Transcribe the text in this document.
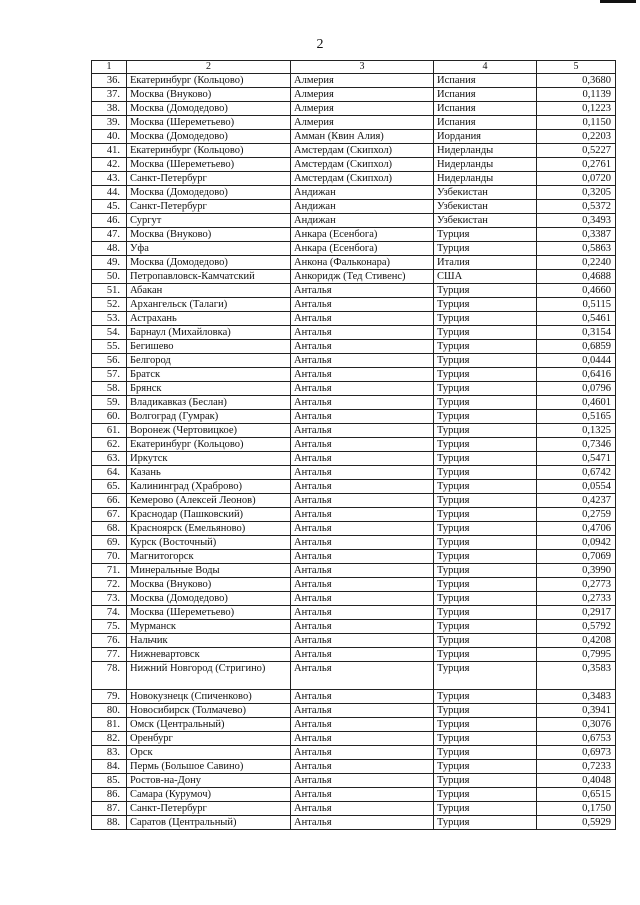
2
1	2	3	4	5
36.	Екатеринбург (Кольцово)	Алмерия	Испания	0,3680
37.	Москва (Внуково)	Алмерия	Испания	0,1139
38.	Москва (Домодедово)	Алмерия	Испания	0,1223
39.	Москва (Шереметьево)	Алмерия	Испания	0,1150
40.	Москва (Домодедово)	Амман (Квин Алия)	Иордания	0,2203
41.	Екатеринбург (Кольцово)	Амстердам (Скипхол)	Нидерланды	0,5227
42.	Москва (Шереметьево)	Амстердам (Скипхол)	Нидерланды	0,2761
43.	Санкт-Петербург	Амстердам (Скипхол)	Нидерланды	0,0720
44.	Москва (Домодедово)	Андижан	Узбекистан	0,3205
45.	Санкт-Петербург	Андижан	Узбекистан	0,5372
46.	Сургут	Андижан	Узбекистан	0,3493
47.	Москва (Внуково)	Анкара (Есенбога)	Турция	0,3387
48.	Уфа	Анкара (Есенбога)	Турция	0,5863
49.	Москва (Домодедово)	Анкона (Фальконара)	Италия	0,2240
50.	Петропавловск-Камчатский	Анкоридж (Тед Стивенс)	США	0,4688
51.	Абакан	Анталья	Турция	0,4660
52.	Архангельск (Талаги)	Анталья	Турция	0,5115
53.	Астрахань	Анталья	Турция	0,5461
54.	Барнаул (Михайловка)	Анталья	Турция	0,3154
55.	Бегишево	Анталья	Турция	0,6859
56.	Белгород	Анталья	Турция	0,0444
57.	Братск	Анталья	Турция	0,6416
58.	Брянск	Анталья	Турция	0,0796
59.	Владикавказ (Беслан)	Анталья	Турция	0,4601
60.	Волгоград (Гумрак)	Анталья	Турция	0,5165
61.	Воронеж (Чертовицкое)	Анталья	Турция	0,1325
62.	Екатеринбург (Кольцово)	Анталья	Турция	0,7346
63.	Иркутск	Анталья	Турция	0,5471
64.	Казань	Анталья	Турция	0,6742
65.	Калининград (Храброво)	Анталья	Турция	0,0554
66.	Кемерово (Алексей Леонов)	Анталья	Турция	0,4237
67.	Краснодар (Пашковский)	Анталья	Турция	0,2759
68.	Красноярск (Емельяново)	Анталья	Турция	0,4706
69.	Курск (Восточный)	Анталья	Турция	0,0942
70.	Магнитогорск	Анталья	Турция	0,7069
71.	Минеральные Воды	Анталья	Турция	0,3990
72.	Москва (Внуково)	Анталья	Турция	0,2773
73.	Москва (Домодедово)	Анталья	Турция	0,2733
74.	Москва (Шереметьево)	Анталья	Турция	0,2917
75.	Мурманск	Анталья	Турция	0,5792
76.	Нальчик	Анталья	Турция	0,4208
77.	Нижневартовск	Анталья	Турция	0,7995
78.	Нижний Новгород (Стригино)	Анталья	Турция	0,3583
79.	Новокузнецк (Спиченково)	Анталья	Турция	0,3483
80.	Новосибирск (Толмачево)	Анталья	Турция	0,3941
81.	Омск (Центральный)	Анталья	Турция	0,3076
82.	Оренбург	Анталья	Турция	0,6753
83.	Орск	Анталья	Турция	0,6973
84.	Пермь (Большое Савино)	Анталья	Турция	0,7233
85.	Ростов-на-Дону	Анталья	Турция	0,4048
86.	Самара (Курумоч)	Анталья	Турция	0,6515
87.	Санкт-Петербург	Анталья	Турция	0,1750
88.	Саратов (Центральный)	Анталья	Турция	0,5929
